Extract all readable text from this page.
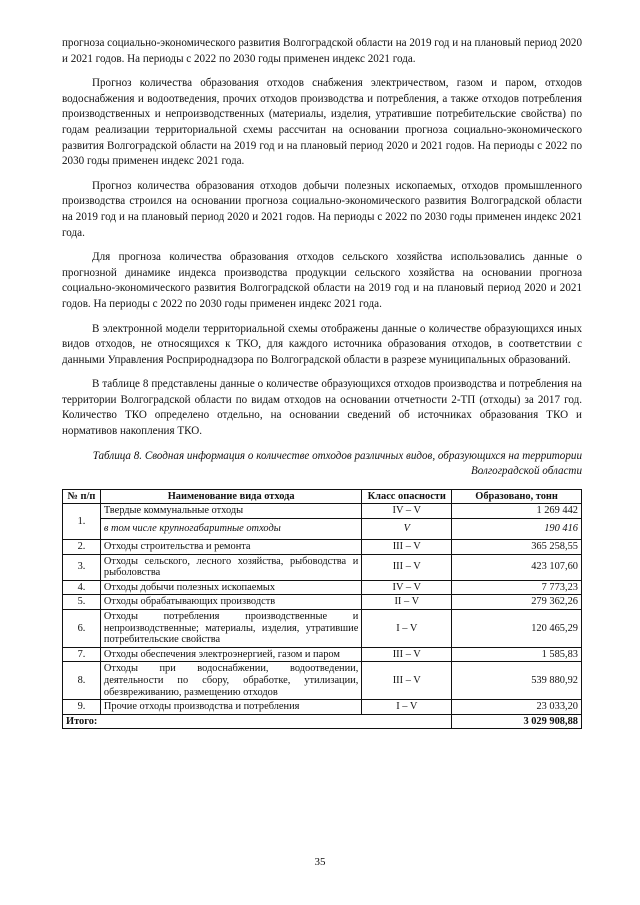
прогноза социально-экономического развития Волгоградской области на 2019 год и на плановый период 2020 и 2021 годов. На периоды с 2022 по 2030 годы применен индекс 2021 года.

Прогноз количества образования отходов снабжения электричеством, газом и паром, отходов водоснабжения и водоотведения, прочих отходов производства и потребления, а также отходов потребления производственных и непроизводственных (материалы, изделия, утратившие потребительские свойства) по годам реализации территориальной схемы рассчитан на основании прогноза социально-экономического развития Волгоградской области на 2019 год и на плановый период 2020 и 2021 годов. На периоды с 2022 по 2030 годы применен индекс 2021 года.

Прогноз количества образования отходов добычи полезных ископаемых, отходов промышленного производства строился на основании прогноза социально-экономического развития Волгоградской области на 2019 год и на плановый период 2020 и 2021 годов. На периоды с 2022 по 2030 годы применен индекс 2021 года.

Для прогноза количества образования отходов сельского хозяйства использовались данные о прогнозной динамике индекса производства продукции сельского хозяйства на основании прогноза социально-экономического развития Волгоградской области на 2019 год и на плановый период 2020 и 2021 годов. На периоды с 2022 по 2030 годы применен индекс 2021 года.

В электронной модели территориальной схемы отображены данные о количестве образующихся иных видов отходов, не относящихся к ТКО, для каждого источника образования отходов, в соответствии с данными Управления Росприроднадзора по Волгоградской области в разрезе муниципальных образований.

В таблице 8 представлены данные о количестве образующихся отходов производства и потребления на территории Волгоградской области по видам отходов на основании отчетности 2-ТП (отходы) за 2017 год. Количество ТКО определено отдельно, на основании сведений об источниках образования ТКО и нормативов накопления ТКО.

Таблица 8. Сводная информация о количестве отходов различных видов, образующихся на территории Волгоградской области
№ п/п	Наименование вида отхода	Класс опасности	Образовано, тонн
1.	Твердые коммунальные отходы	IV – V	1 269 442
	в том числе крупногабаритные отходы	V	190 416
2.	Отходы строительства и ремонта	III – V	365 258,55
3.	Отходы сельского, лесного хозяйства, рыбоводства и рыболовства	III – V	423 107,60
4.	Отходы добычи полезных ископаемых	IV – V	7 773,23
5.	Отходы обрабатывающих производств	II – V	279 362,26
6.	Отходы потребления производственные и непроизводственные; материалы, изделия, утратившие потребительские свойства	I – V	120 465,29
7.	Отходы обеспечения электроэнергией, газом и паром	III – V	1 585,83
8.	Отходы при водоснабжении, водоотведении, деятельности по сбору, обработке, утилизации, обезвреживанию, размещению отходов	III – V	539 880,92
9.	Прочие отходы производства и потребления	I – V	23 033,20
Итого:			3 029 908,88
35
